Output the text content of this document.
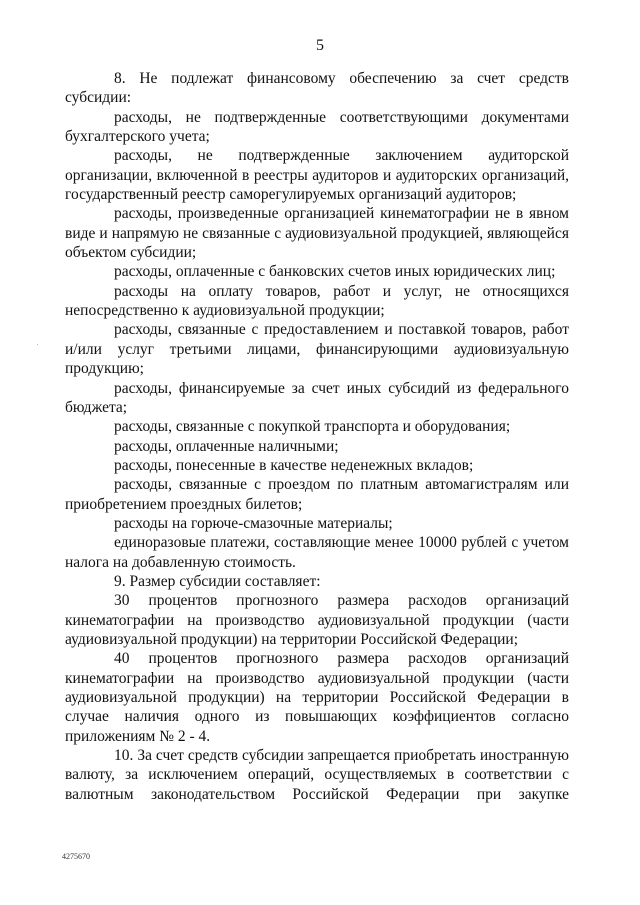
5

8. Не подлежат финансовому обеспечению за счет средств субсидии:

расходы, не подтвержденные соответствующими документами бухгалтерского учета;

расходы, не подтвержденные заключением аудиторской организации, включенной в реестры аудиторов и аудиторских организаций, государственный реестр саморегулируемых организаций аудиторов;

расходы, произведенные организацией кинематографии не в явном виде и напрямую не связанные с аудиовизуальной продукцией, являющейся объектом субсидии;

расходы, оплаченные с банковских счетов иных юридических лиц;

расходы на оплату товаров, работ и услуг, не относящихся непосредственно к аудиовизуальной продукции;

расходы, связанные с предоставлением и поставкой товаров, работ и/или услуг третьими лицами, финансирующими аудиовизуальную продукцию;

расходы, финансируемые за счет иных субсидий из федерального бюджета;

расходы, связанные с покупкой транспорта и оборудования;

расходы, оплаченные наличными;

расходы, понесенные в качестве неденежных вкладов;

расходы, связанные с проездом по платным автомагистралям или приобретением проездных билетов;

расходы на горюче-смазочные материалы;

единоразовые платежи, составляющие менее 10000 рублей с учетом налога на добавленную стоимость.

9. Размер субсидии составляет:

30 процентов прогнозного размера расходов организаций кинематографии на производство аудиовизуальной продукции (части аудиовизуальной продукции) на территории Российской Федерации;

40 процентов прогнозного размера расходов организаций кинематографии на производство аудиовизуальной продукции (части аудиовизуальной продукции) на территории Российской Федерации в случае наличия одного из повышающих коэффициентов согласно приложениям № 2 - 4.

10. За счет средств субсидии запрещается приобретать иностранную валюту, за исключением операций, осуществляемых в соответствии с валютным законодательством Российской Федерации при закупке

4275670
